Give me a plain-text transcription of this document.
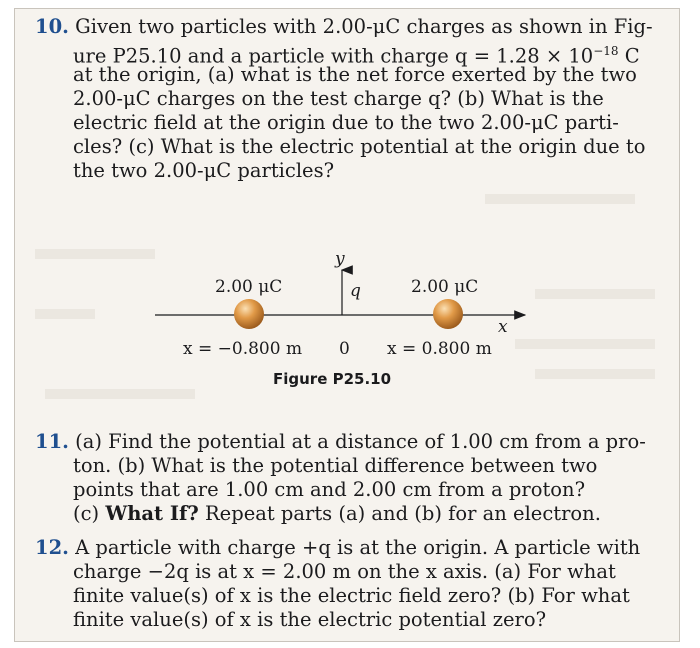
10. Given two particles with 2.00-μC charges as shown in Fig-
ure P25.10 and a particle with charge $q = 1.28 \times 10^{-18}$ C
at the origin, (a) what is the net force exerted by the two
2.00-μC charges on the test charge q? (b) What is the
electric field at the origin due to the two 2.00-μC parti-
cles? (c) What is the electric potential at the origin due to
the two 2.00-μC particles?
2.00 μC	2.00 μC
q
y
x
x = −0.800 m 0 x = 0.800 m
Figure P25.10
11. (a) Find the potential at a distance of 1.00 cm from a pro-
ton. (b) What is the potential difference between two
points that are 1.00 cm and 2.00 cm from a proton?
(c) What If? Repeat parts (a) and (b) for an electron.
12. A particle with charge +q is at the origin. A particle with
charge −2q is at x = 2.00 m on the x axis. (a) For what
finite value(s) of x is the electric field zero? (b) For what
finite value(s) of x is the electric potential zero?
